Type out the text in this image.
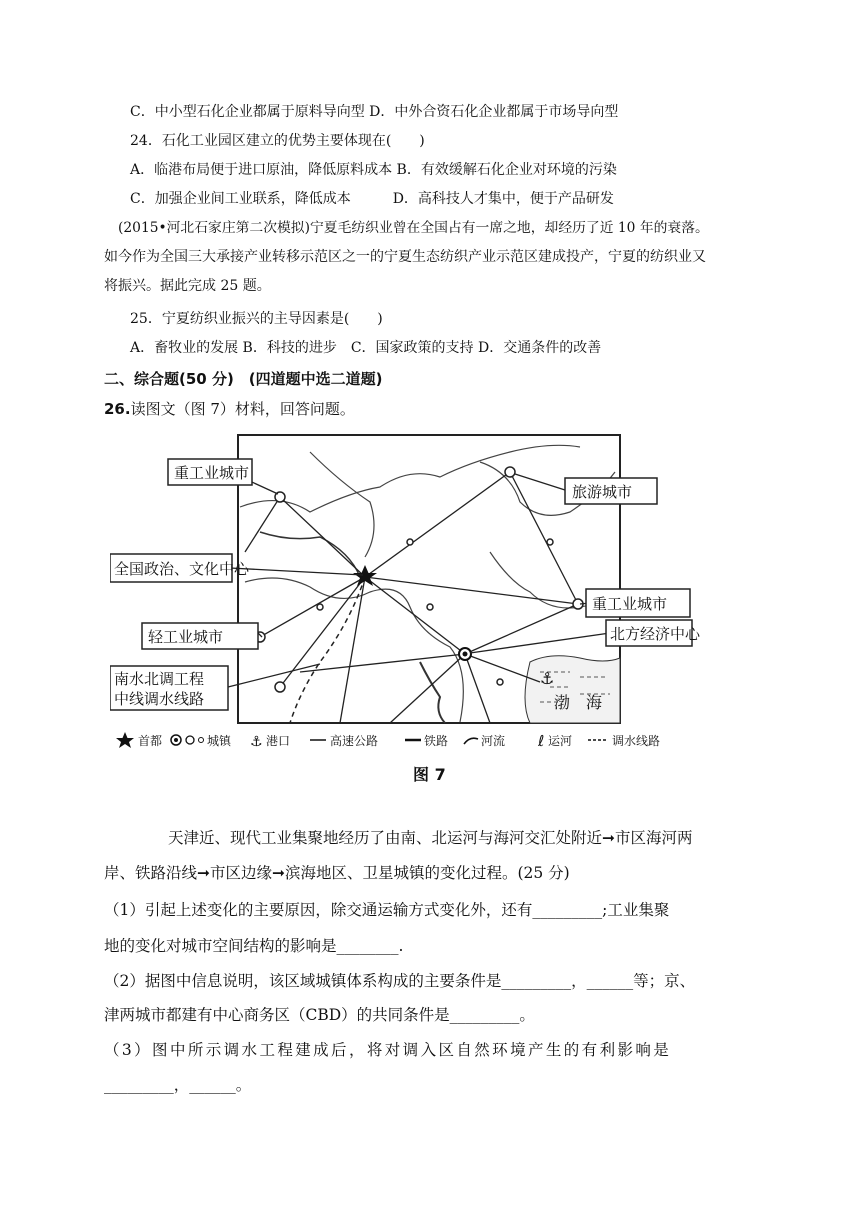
C．中小型石化企业都属于原料导向型 D．中外合资石化企业都属于市场导向型
24．石化工业园区建立的优势主要体现在(　　)
A．临港布局便于进口原油，降低原料成本 B．有效缓解石化企业对环境的污染
C．加强企业间工业联系，降低成本　　　D．高科技人才集中，便于产品研发
(2015•河北石家庄第二次模拟)宁夏毛纺织业曾在全国占有一席之地，却经历了近 10 年的衰落。
如今作为全国三大承接产业转移示范区之一的宁夏生态纺织产业示范区建成投产，宁夏的纺织业又
将振兴。据此完成 25 题。
25．宁夏纺织业振兴的主导因素是(　　)
A．畜牧业的发展 B．科技的进步　C．国家政策的支持 D．交通条件的改善
二、综合题(50 分)　(四道题中选二道题)
26.读图文（图 7）材料，回答问题。
⚓
重工业城市
旅游城市
全国政治、文化中心
重工业城市
轻工业城市	北方经济中心
南水北调工程
中线调水线路	渤　海
首都	城镇 ⚓ 港口	高速公路	铁路	河流 ℓ 运河	调水线路
图 7
天津近、现代工业集聚地经历了由南、北运河与海河交汇处附近➞市区海河两
岸、铁路沿线➞市区边缘➞滨海地区、卫星城镇的变化过程。(25 分)
（1）引起上述变化的主要原因，除交通运输方式变化外，还有_________;工业集聚
地的变化对城市空间结构的影响是________.
（2）据图中信息说明，该区域城镇体系构成的主要条件是_________，______等；京、
津两城市都建有中心商务区（CBD）的共同条件是_________。
（3）图中所示调水工程建成后，将对调入区自然环境产生的有利影响是
_________，______。
